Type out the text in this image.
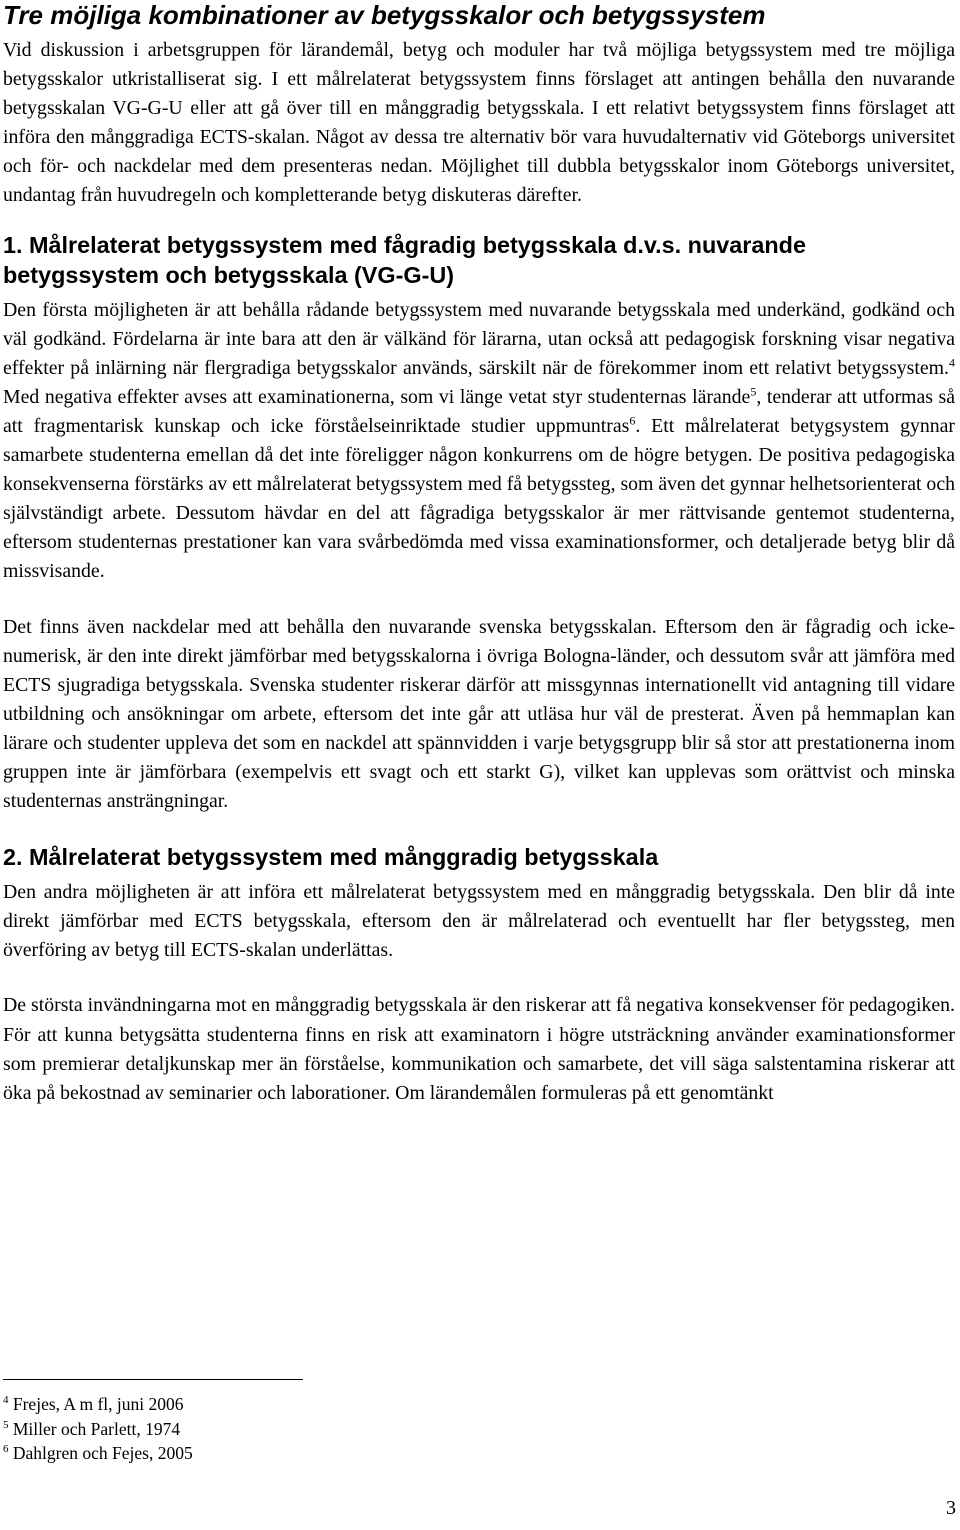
Tre möjliga kombinationer av betygsskalor och betygssystem

Vid diskussion i arbetsgruppen för lärandemål, betyg och moduler har två möjliga betygssystem med tre möjliga betygsskalor utkristalliserat sig. I ett målrelaterat betygssystem finns förslaget att antingen behålla den nuvarande betygsskalan VG-G-U eller att gå över till en månggradig betygsskala. I ett relativt betygssystem finns förslaget att införa den månggradiga ECTS-skalan. Något av dessa tre alternativ bör vara huvudalternativ vid Göteborgs universitet och för- och nackdelar med dem presenteras nedan. Möjlighet till dubbla betygsskalor inom Göteborgs universitet, undantag från huvudregeln och kompletterande betyg diskuteras därefter.

1. Målrelaterat betygssystem med fågradig betygsskala d.v.s. nuvarande betygssystem och betygsskala (VG-G-U)

Den första möjligheten är att behålla rådande betygssystem med nuvarande betygsskala med underkänd, godkänd och väl godkänd. Fördelarna är inte bara att den är välkänd för lärarna, utan också att pedagogisk forskning visar negativa effekter på inlärning när flergradiga betygsskalor används, särskilt när de förekommer inom ett relativt betygssystem.$^4$ Med negativa effekter avses att examinationerna, som vi länge vetat styr studenternas lärande$^5$, tenderar att utformas så att fragmentarisk kunskap och icke förståelseinriktade studier uppmuntras$^6$. Ett målrelaterat betygsystem gynnar samarbete studenterna emellan då det inte föreligger någon konkurrens om de högre betygen. De positiva pedagogiska konsekvenserna förstärks av ett målrelaterat betygssystem med få betygssteg, som även det gynnar helhetsorienterat och självständigt arbete. Dessutom hävdar en del att fågradiga betygsskalor är mer rättvisande gentemot studenterna, eftersom studenternas prestationer kan vara svårbedömda med vissa examinationsformer, och detaljerade betyg blir då missvisande.

Det finns även nackdelar med att behålla den nuvarande svenska betygsskalan. Eftersom den är fågradig och icke-numerisk, är den inte direkt jämförbar med betygsskalorna i övriga Bologna-länder, och dessutom svår att jämföra med ECTS sjugradiga betygsskala. Svenska studenter riskerar därför att missgynnas internationellt vid antagning till vidare utbildning och ansökningar om arbete, eftersom det inte går att utläsa hur väl de presterat. Även på hemmaplan kan lärare och studenter uppleva det som en nackdel att spännvidden i varje betygsgrupp blir så stor att prestationerna inom gruppen inte är jämförbara (exempelvis ett svagt och ett starkt G), vilket kan upplevas som orättvist och minska studenternas ansträngningar.

2. Målrelaterat betygssystem med månggradig betygsskala

Den andra möjligheten är att införa ett målrelaterat betygssystem med en månggradig betygsskala. Den blir då inte direkt jämförbar med ECTS betygsskala, eftersom den är målrelaterad och eventuellt har fler betygssteg, men överföring av betyg till ECTS-skalan underlättas.

De största invändningarna mot en månggradig betygsskala är den riskerar att få negativa konsekvenser för pedagogiken. För att kunna betygsätta studenterna finns en risk att examinatorn i högre utsträckning använder examinationsformer som premierar detaljkunskap mer än förståelse, kommunikation och samarbete, det vill säga salstentamina riskerar att öka på bekostnad av seminarier och laborationer. Om lärandemålen formuleras på ett genomtänkt

$^4$ Frejes, A m fl, juni 2006
$^5$ Miller och Parlett, 1974
$^6$ Dahlgren och Fejes, 2005
3
